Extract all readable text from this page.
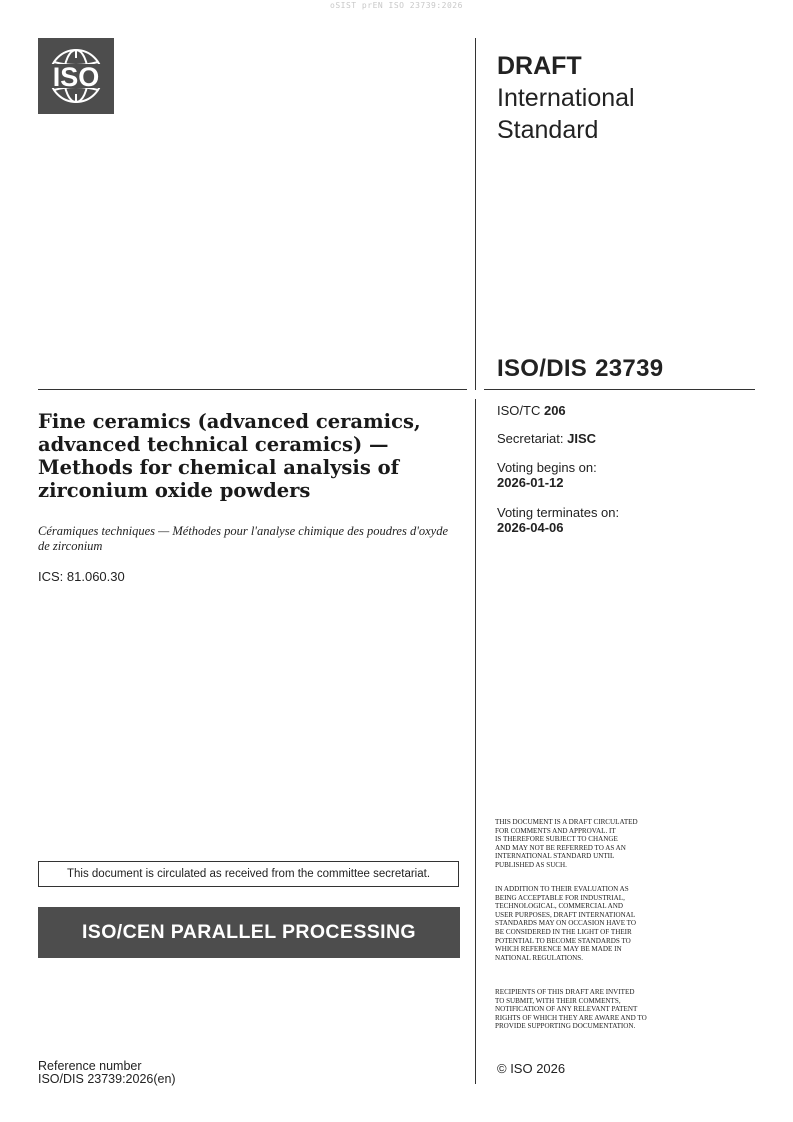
oSIST prEN ISO 23739:2026
ISO	DRAFT
International
Standard
ISO/DIS 23739
Fine ceramics (advanced ceramics, advanced technical ceramics) — Methods for chemical analysis of zirconium oxide powders
Céramiques techniques — Méthodes pour l'analyse chimique des poudres d'oxyde de zirconium
ICS: 81.060.30
ISO/TC 206
Secretariat: JISC
Voting begins on:
2026-01-12
Voting terminates on:
2026-04-06
This document is circulated as received from the committee secretariat.
ISO/CEN PARALLEL PROCESSING
THIS DOCUMENT IS A DRAFT CIRCULATED
FOR COMMENTS AND APPROVAL. IT
IS THEREFORE SUBJECT TO CHANGE
AND MAY NOT BE REFERRED TO AS AN
INTERNATIONAL STANDARD UNTIL
PUBLISHED AS SUCH.
IN ADDITION TO THEIR EVALUATION AS
BEING ACCEPTABLE FOR INDUSTRIAL,
TECHNOLOGICAL, COMMERCIAL AND
USER PURPOSES, DRAFT INTERNATIONAL
STANDARDS MAY ON OCCASION HAVE TO
BE CONSIDERED IN THE LIGHT OF THEIR
POTENTIAL TO BECOME STANDARDS TO
WHICH REFERENCE MAY BE MADE IN
NATIONAL REGULATIONS.
RECIPIENTS OF THIS DRAFT ARE INVITED
TO SUBMIT, WITH THEIR COMMENTS,
NOTIFICATION OF ANY RELEVANT PATENT
RIGHTS OF WHICH THEY ARE AWARE AND TO
PROVIDE SUPPORTING DOCUMENTATION.
Reference number
ISO/DIS 23739:2026(en)
© ISO 2026
